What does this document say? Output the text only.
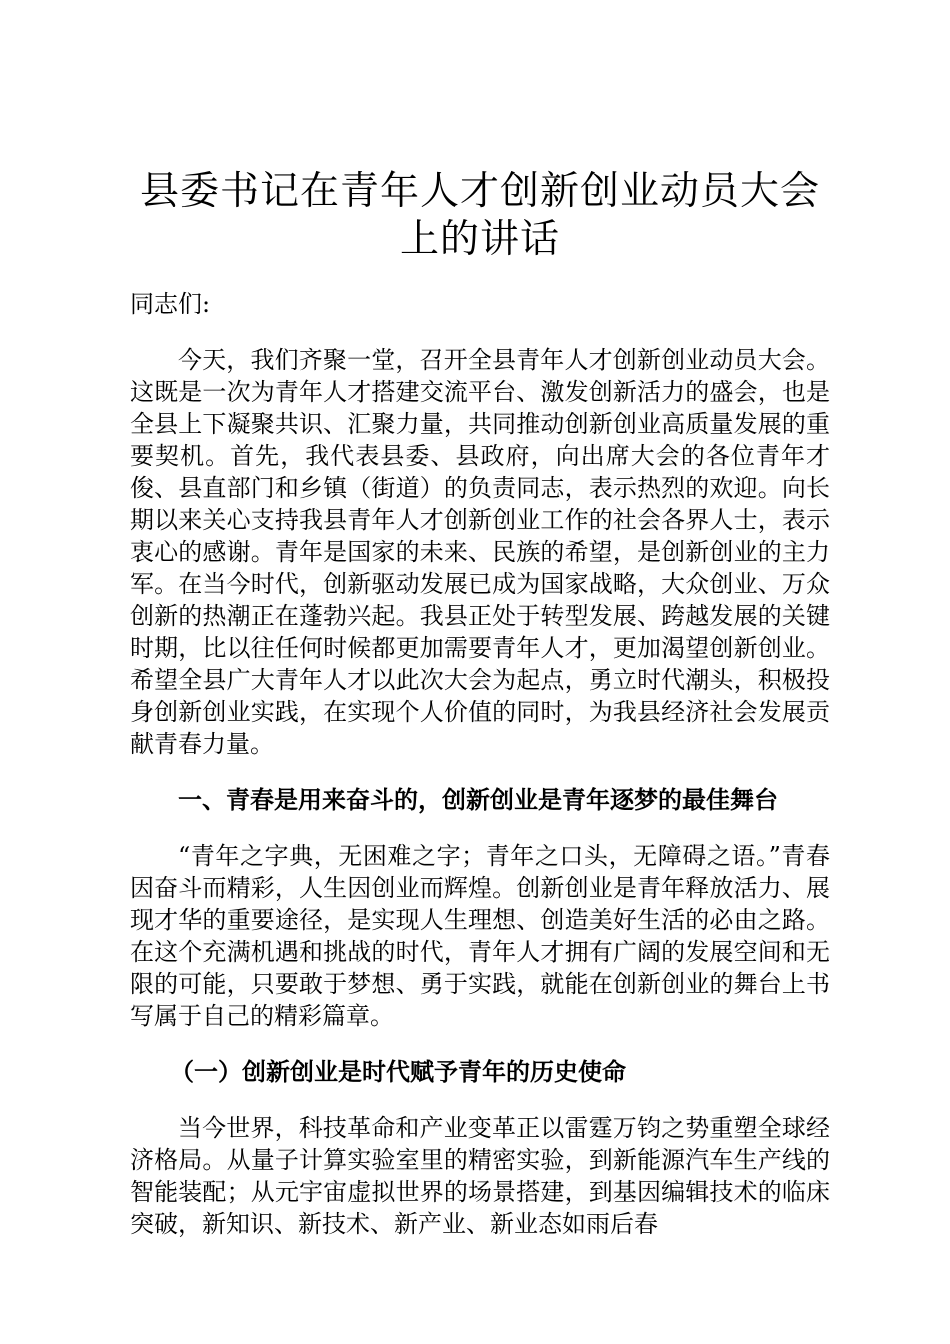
县委书记在青年人才创新创业动员大会上的讲话

同志们:

今天，我们齐聚一堂，召开全县青年人才创新创业动员大会。这既是一次为青年人才搭建交流平台、激发创新活力的盛会，也是全县上下凝聚共识、汇聚力量，共同推动创新创业高质量发展的重要契机。首先，我代表县委、县政府，向出席大会的各位青年才俊、县直部门和乡镇（街道）的负责同志，表示热烈的欢迎。向长期以来关心支持我县青年人才创新创业工作的社会各界人士，表示衷心的感谢。青年是国家的未来、民族的希望，是创新创业的主力军。在当今时代，创新驱动发展已成为国家战略，大众创业、万众创新的热潮正在蓬勃兴起。我县正处于转型发展、跨越发展的关键时期，比以往任何时候都更加需要青年人才，更加渴望创新创业。希望全县广大青年人才以此次大会为起点，勇立时代潮头，积极投身创新创业实践，在实现个人价值的同时，为我县经济社会发展贡献青春力量。

一、青春是用来奋斗的，创新创业是青年逐梦的最佳舞台

“青年之字典，无困难之字；青年之口头，无障碍之语。”青春因奋斗而精彩，人生因创业而辉煌。创新创业是青年释放活力、展现才华的重要途径，是实现人生理想、创造美好生活的必由之路。在这个充满机遇和挑战的时代，青年人才拥有广阔的发展空间和无限的可能，只要敢于梦想、勇于实践，就能在创新创业的舞台上书写属于自己的精彩篇章。

（一）创新创业是时代赋予青年的历史使命

当今世界，科技革命和产业变革正以雷霆万钧之势重塑全球经济格局。从量子计算实验室里的精密实验，到新能源汽车生产线的智能装配；从元宇宙虚拟世界的场景搭建，到基因编辑技术的临床突破，新知识、新技术、新产业、新业态如雨后春
